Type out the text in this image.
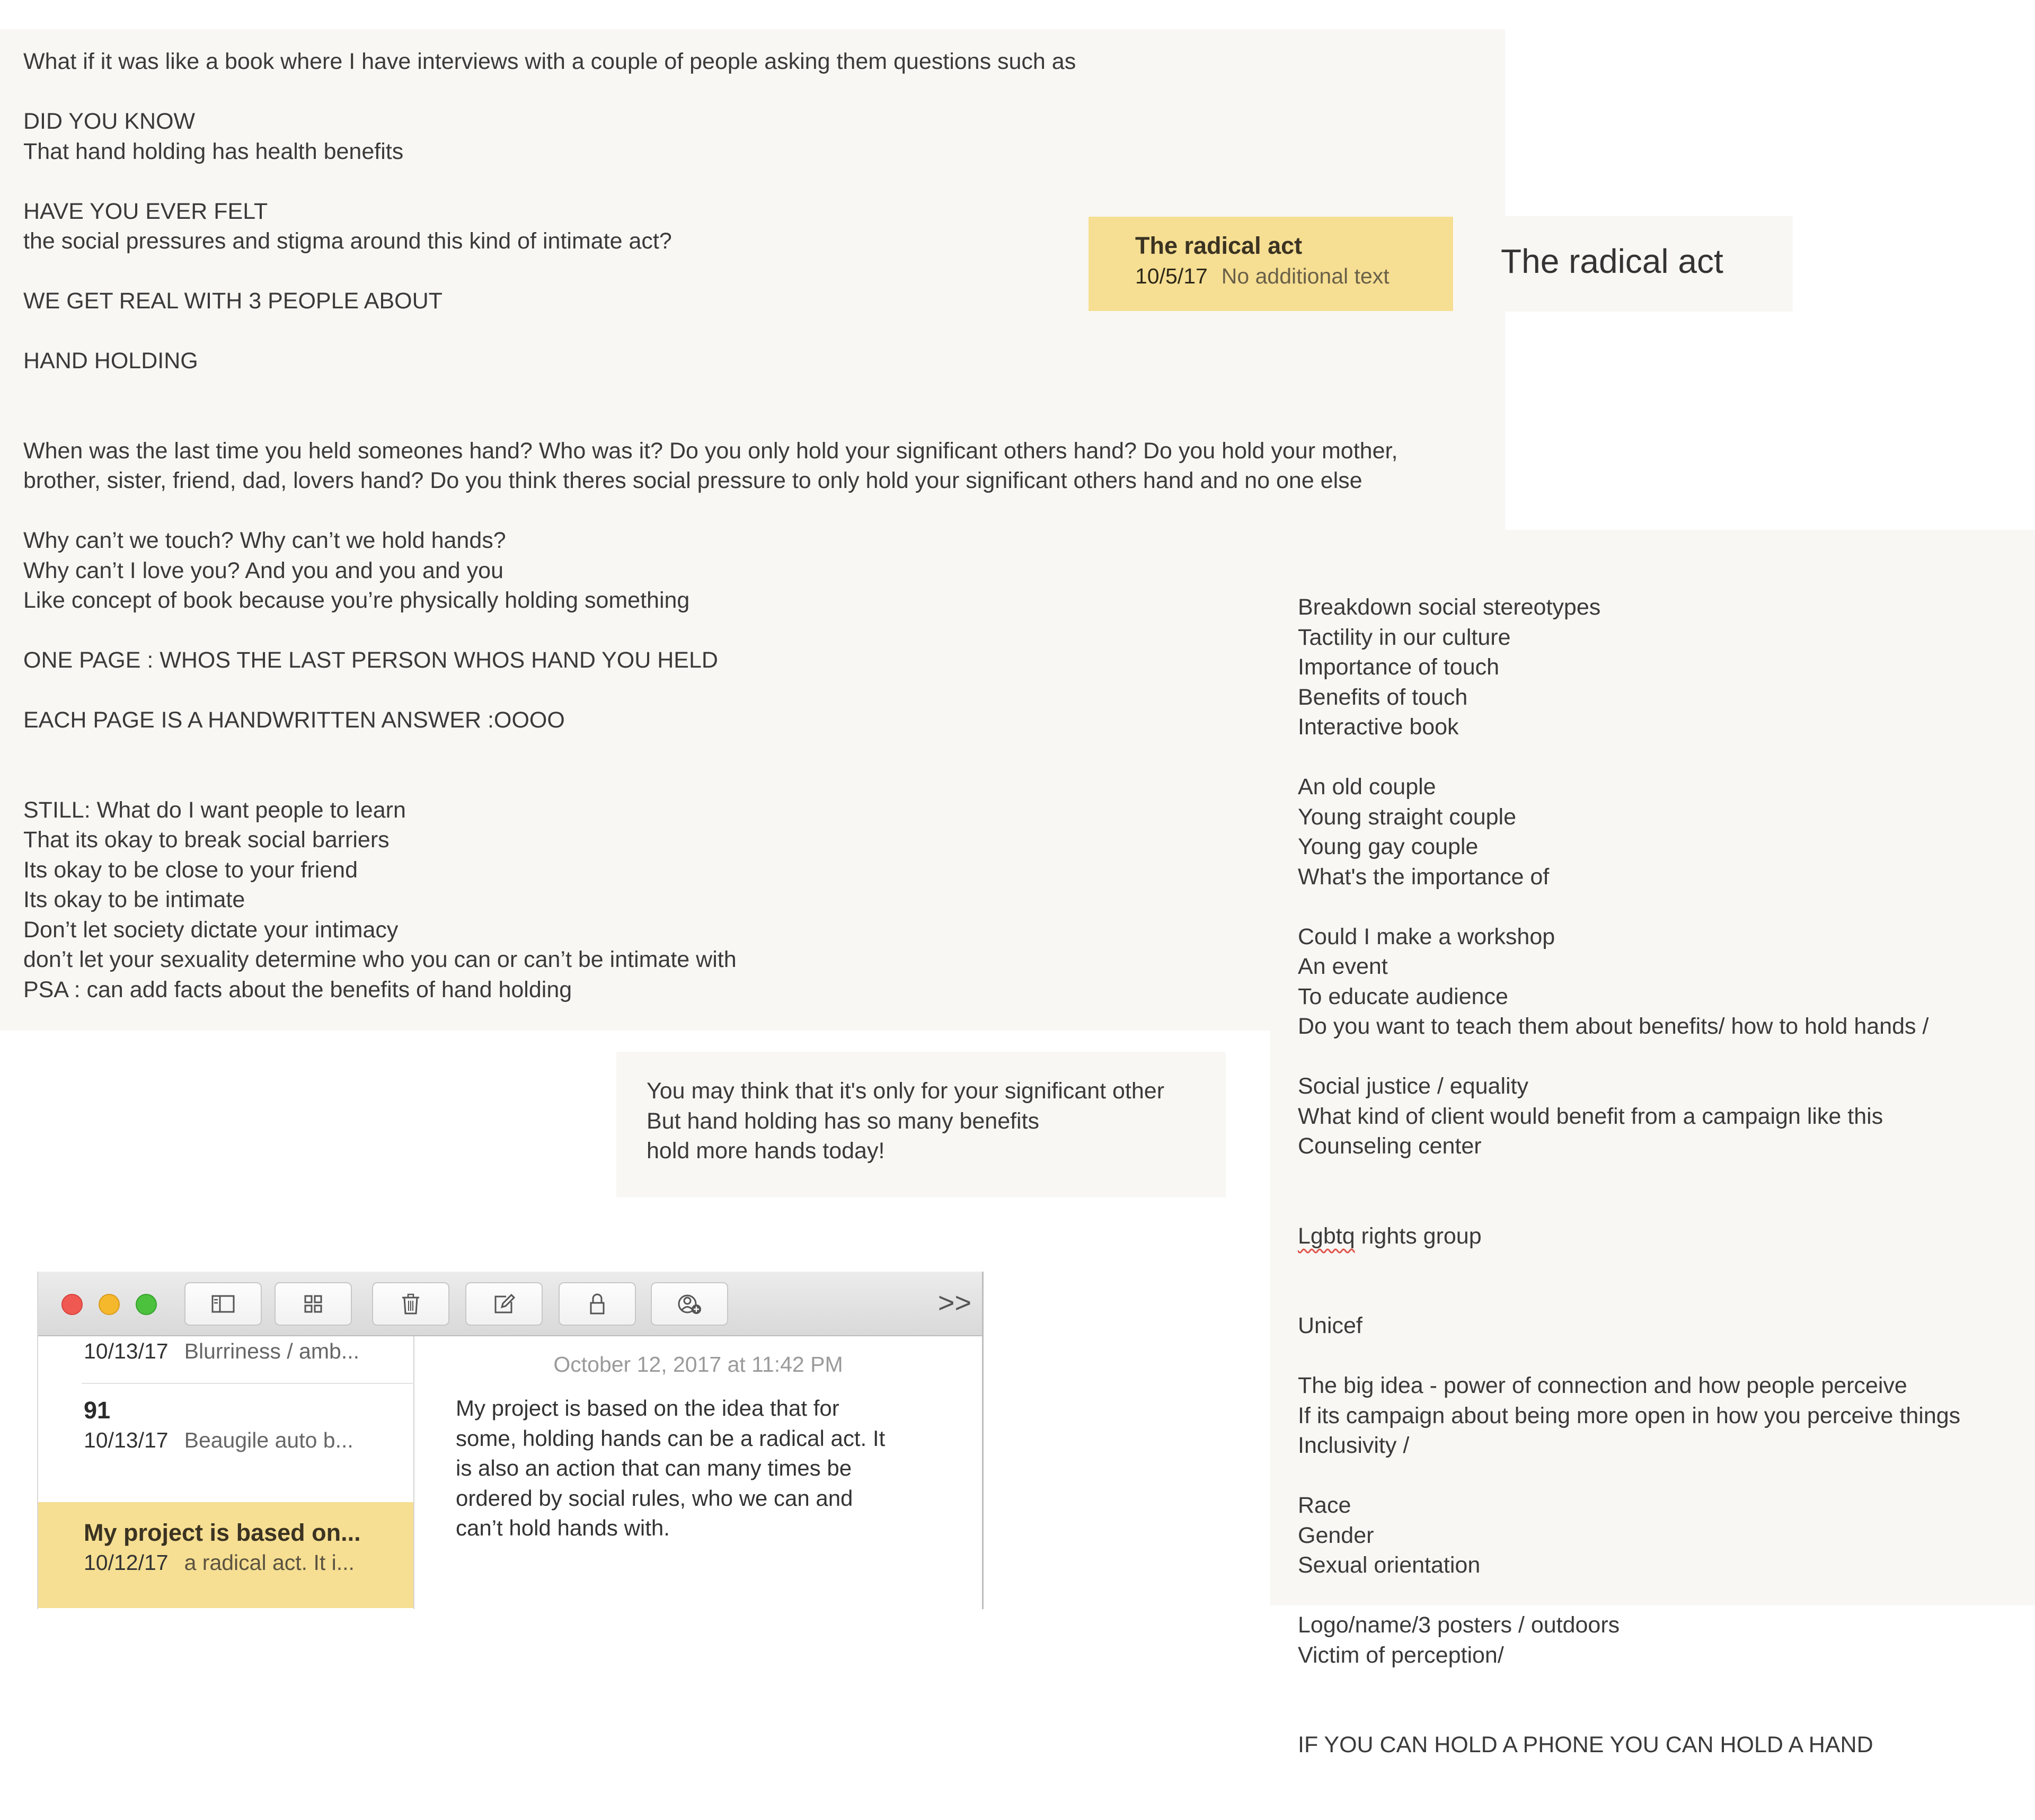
What if it was like a book where I have interviews with a couple of people asking them questions such as
DID YOU KNOW
That hand holding has health benefits
HAVE YOU EVER FELT
the social pressures and stigma around this kind of intimate act?
WE GET REAL WITH 3 PEOPLE ABOUT
HAND HOLDING
When was the last time you held someones hand? Who was it? Do you only hold your significant others hand? Do you hold your mother,
brother, sister, friend, dad, lovers hand? Do you think theres social pressure to only hold your significant others hand and no one else
Why can’t we touch? Why can’t we hold hands?
Why can’t I love you? And you and you and you
Like concept of book because you’re physically holding something
ONE PAGE : WHOS THE LAST PERSON WHOS HAND YOU HELD
EACH PAGE IS A HANDWRITTEN ANSWER :OOOO
STILL: What do I want people to learn
That its okay to break social barriers
Its okay to be close to your friend
Its okay to be intimate
Don’t let society dictate your intimacy
don’t let your sexuality determine who you can or can’t be intimate with
PSA : can add facts about the benefits of hand holding
The radical act
10/5/17 No additional text	The radical act

Breakdown social stereotypes
Tactility in our culture
Importance of touch
Benefits of touch
Interactive book
An old couple
Young straight couple
Young gay couple
What's the importance of
Could I make a workshop
An event
To educate audience
Do you want to teach them about benefits/ how to hold hands /
Social justice / equality
What kind of client would benefit from a campaign like this
Counseling center

Lgbtq rights group

Unicef
The big idea - power of connection and how people perceive
If its campaign about being more open in how you perceive things
Inclusivity /
Race
Gender
Sexual orientation
Logo/name/3 posters / outdoors
Victim of perception/
IF YOU CAN HOLD A PHONE YOU CAN HOLD A HAND

You may think that it's only for your significant other
But hand holding has so many benefits
hold more hands today!
>>
10/13/17 Blurriness / amb...
91
10/13/17 Beaugile auto b...
My project is based on...
10/12/17 a radical act. It i...
October 12, 2017 at 11:42 PM
My project is based on the idea that for
some, holding hands can be a radical act. It
is also an action that can many times be
ordered by social rules, who we can and
can’t hold hands with.
